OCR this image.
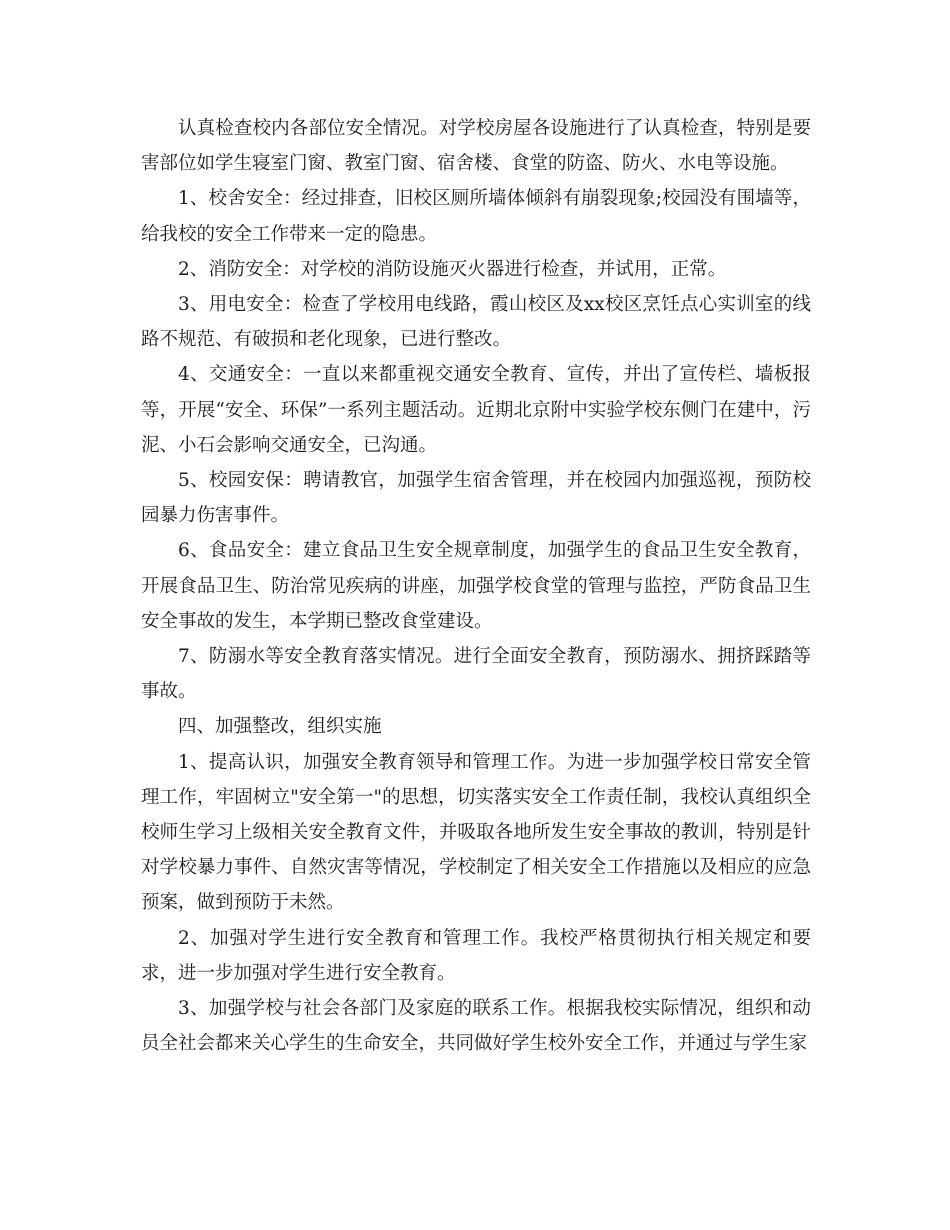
认真检查校内各部位安全情况。对学校房屋各设施进行了认真检查，特别是要害部位如学生寝室门窗、教室门窗、宿舍楼、食堂的防盗、防火、水电等设施。

1、校舍安全：经过排查，旧校区厕所墙体倾斜有崩裂现象;校园没有围墙等，给我校的安全工作带来一定的隐患。

2、消防安全：对学校的消防设施灭火器进行检查，并试用，正常。

3、用电安全：检查了学校用电线路，霞山校区及xx校区烹饪点心实训室的线路不规范、有破损和老化现象，已进行整改。

4、交通安全：一直以来都重视交通安全教育、宣传，并出了宣传栏、墙板报等，开展“安全、环保”一系列主题活动。近期北京附中实验学校东侧门在建中，污泥、小石会影响交通安全，已沟通。

5、校园安保：聘请教官，加强学生宿舍管理，并在校园内加强巡视，预防校园暴力伤害事件。

6、食品安全：建立食品卫生安全规章制度，加强学生的食品卫生安全教育，开展食品卫生、防治常见疾病的讲座，加强学校食堂的管理与监控，严防食品卫生安全事故的发生，本学期已整改食堂建设。

7、防溺水等安全教育落实情况。进行全面安全教育，预防溺水、拥挤踩踏等事故。

四、加强整改，组织实施

1、提高认识，加强安全教育领导和管理工作。为进一步加强学校日常安全管理工作，牢固树立"安全第一"的思想，切实落实安全工作责任制，我校认真组织全校师生学习上级相关安全教育文件，并吸取各地所发生安全事故的教训，特别是针对学校暴力事件、自然灾害等情况，学校制定了相关安全工作措施以及相应的应急预案，做到预防于未然。

2、加强对学生进行安全教育和管理工作。我校严格贯彻执行相关规定和要求，进一步加强对学生进行安全教育。

3、加强学校与社会各部门及家庭的联系工作。根据我校实际情况，组织和动员全社会都来关心学生的生命安全，共同做好学生校外安全工作，并通过与学生家
